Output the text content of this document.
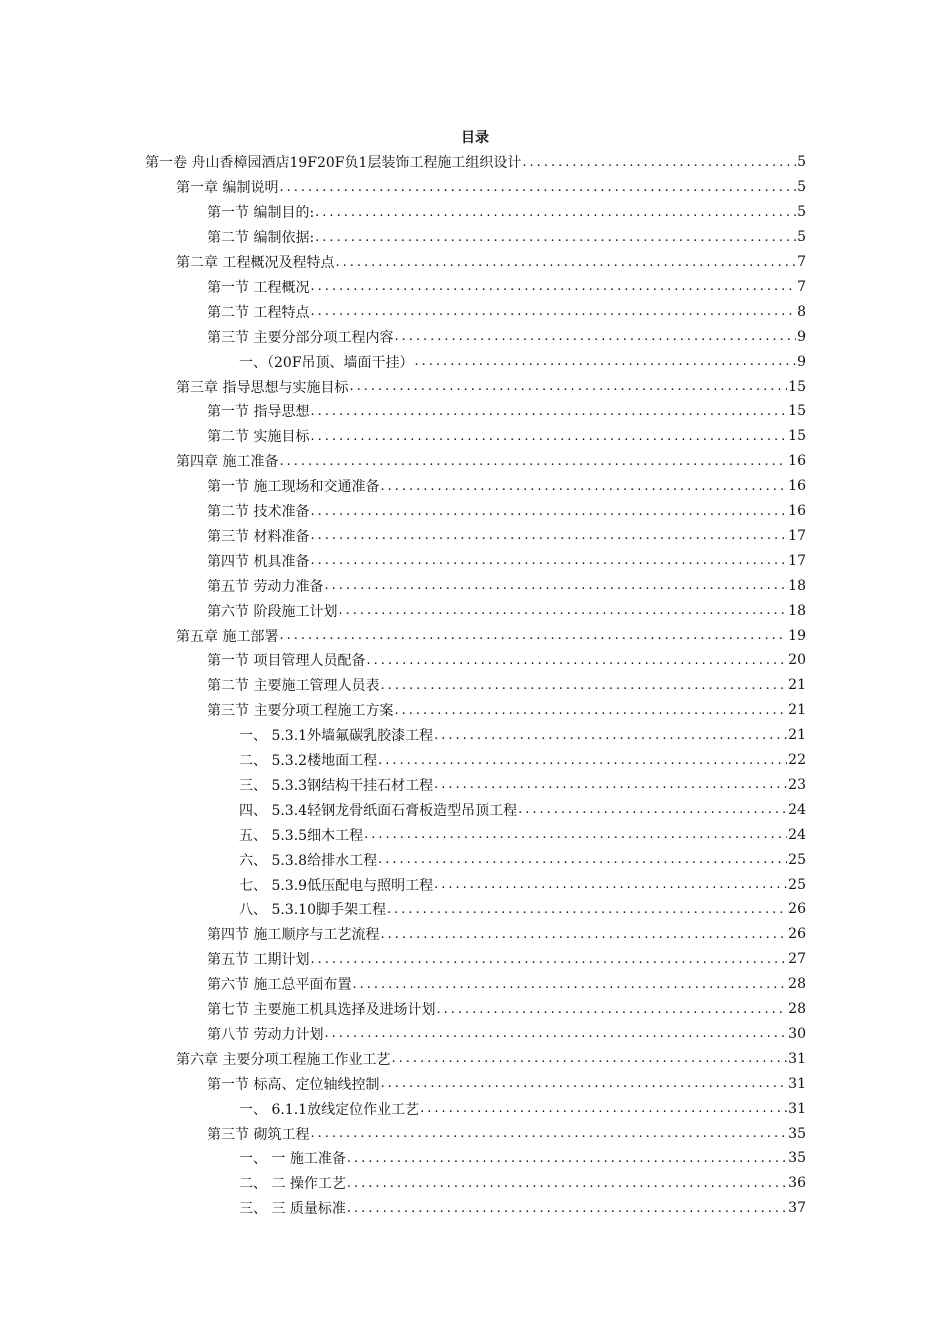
目录
第一卷 舟山香樟园酒店19F20F负1层装饰工程施工组织设计 .....	5
第一章 编制说明 .....	5
第一节 编制目的: .....	5
第二节 编制依据: .....	5
第二章 工程概况及程特点 .....	7
第一节 工程概况 .....	7
第二节 工程特点 .....	8
第三节 主要分部分项工程内容 .....	9
一、（20F吊顶、墙面干挂） .....	9
第三章 指导思想与实施目标 .....	15
第一节 指导思想 .....	15
第二节 实施目标 .....	15
第四章 施工准备 .....	16
第一节 施工现场和交通准备 .....	16
第二节 技术准备 .....	16
第三节 材料准备 .....	17
第四节 机具准备 .....	17
第五节 劳动力准备 .....	18
第六节 阶段施工计划 .....	18
第五章 施工部署 .....	19
第一节 项目管理人员配备 .....	20
第二节 主要施工管理人员表 .....	21
第三节 主要分项工程施工方案 .....	21
一、 5.3.1外墙氟碳乳胶漆工程 .....	21
二、 5.3.2楼地面工程 .....	22
三、 5.3.3钢结构干挂石材工程 .....	23
四、 5.3.4轻钢龙骨纸面石膏板造型吊顶工程 .....	24
五、 5.3.5细木工程 .....	24
六、 5.3.8给排水工程 .....	25
七、 5.3.9低压配电与照明工程 .....	25
八、 5.3.10脚手架工程 .....	26
第四节 施工顺序与工艺流程 .....	26
第五节 工期计划 .....	27
第六节 施工总平面布置 .....	28
第七节 主要施工机具选择及进场计划 .....	28
第八节 劳动力计划 .....	30
第六章 主要分项工程施工作业工艺 .....	31
第一节 标高、定位轴线控制 .....	31
一、 6.1.1放线定位作业工艺 .....	31
第三节 砌筑工程 .....	35
一、 一 施工准备 .....	35
二、 二 操作工艺 .....	36
三、 三 质量标准 .....	37
